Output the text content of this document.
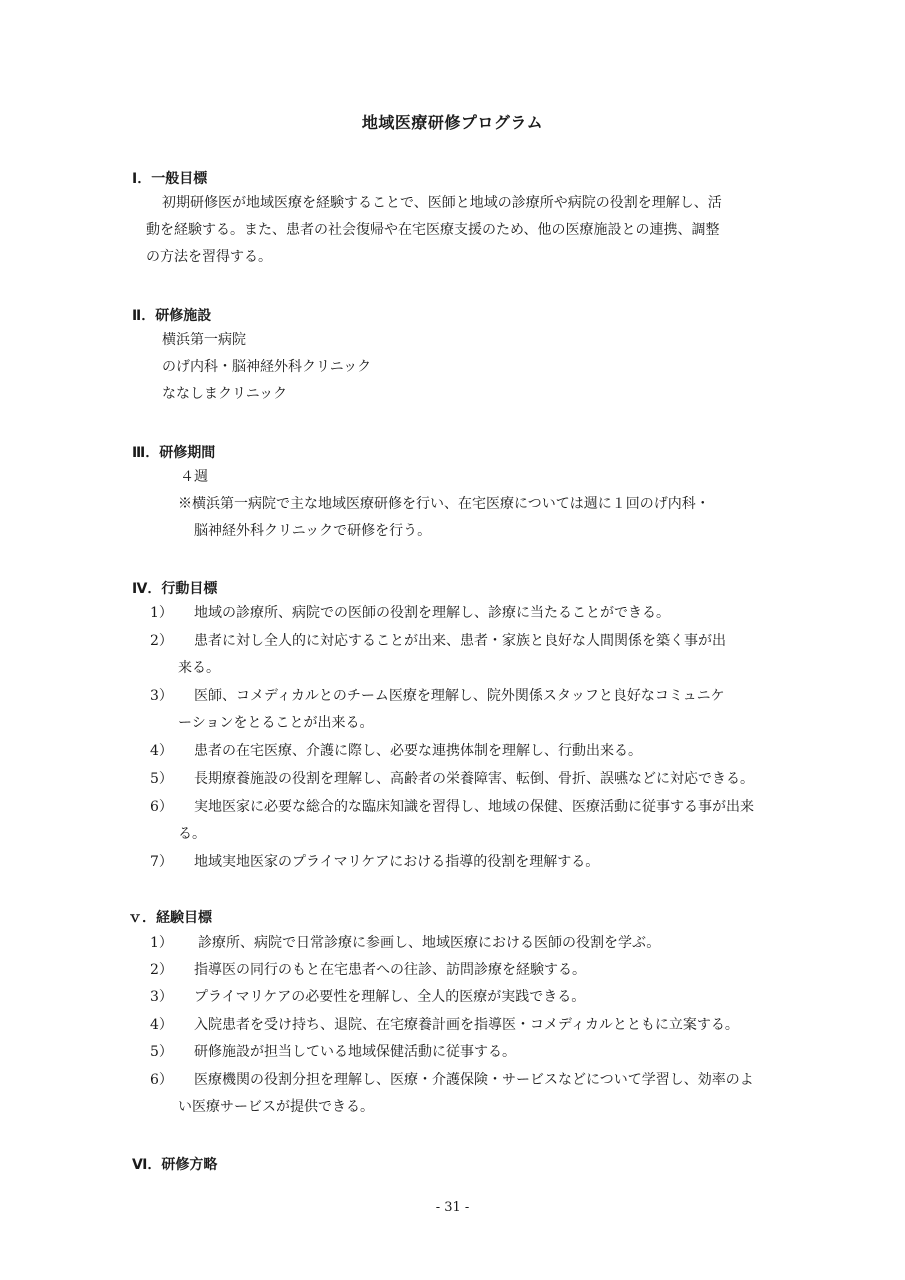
地域医療研修プログラム
Ⅰ．一般目標
初期研修医が地域医療を経験することで、医師と地域の診療所や病院の役割を理解し、活
動を経験する。また、患者の社会復帰や在宅医療支援のため、他の医療施設との連携、調整
の方法を習得する。
Ⅱ．研修施設
横浜第一病院
のげ内科・脳神経外科クリニック
ななしまクリニック
Ⅲ．研修期間
４週
※横浜第一病院で主な地域医療研修を行い、在宅医療については週に１回のげ内科・
脳神経外科クリニックで研修を行う。
Ⅳ．行動目標
1） 地域の診療所、病院での医師の役割を理解し、診療に当たることができる。
2） 患者に対し全人的に対応することが出来、患者・家族と良好な人間関係を築く事が出
来る。
3） 医師、コメディカルとのチーム医療を理解し、院外関係スタッフと良好なコミュニケ
ーションをとることが出来る。
4） 患者の在宅医療、介護に際し、必要な連携体制を理解し、行動出来る。
5） 長期療養施設の役割を理解し、高齢者の栄養障害、転倒、骨折、誤嚥などに対応できる。
6） 実地医家に必要な総合的な臨床知識を習得し、地域の保健、医療活動に従事する事が出来
る。
7） 地域実地医家のプライマリケアにおける指導的役割を理解する。
ｖ．経験目標
1） 診療所、病院で日常診療に参画し、地域医療における医師の役割を学ぶ。
2） 指導医の同行のもと在宅患者への往診、訪問診療を経験する。
3） プライマリケアの必要性を理解し、全人的医療が実践できる。
4） 入院患者を受け持ち、退院、在宅療養計画を指導医・コメディカルとともに立案する。
5） 研修施設が担当している地域保健活動に従事する。
6） 医療機関の役割分担を理解し、医療・介護保険・サービスなどについて学習し、効率のよ
い医療サービスが提供できる。
Ⅵ．研修方略
- 31 -
